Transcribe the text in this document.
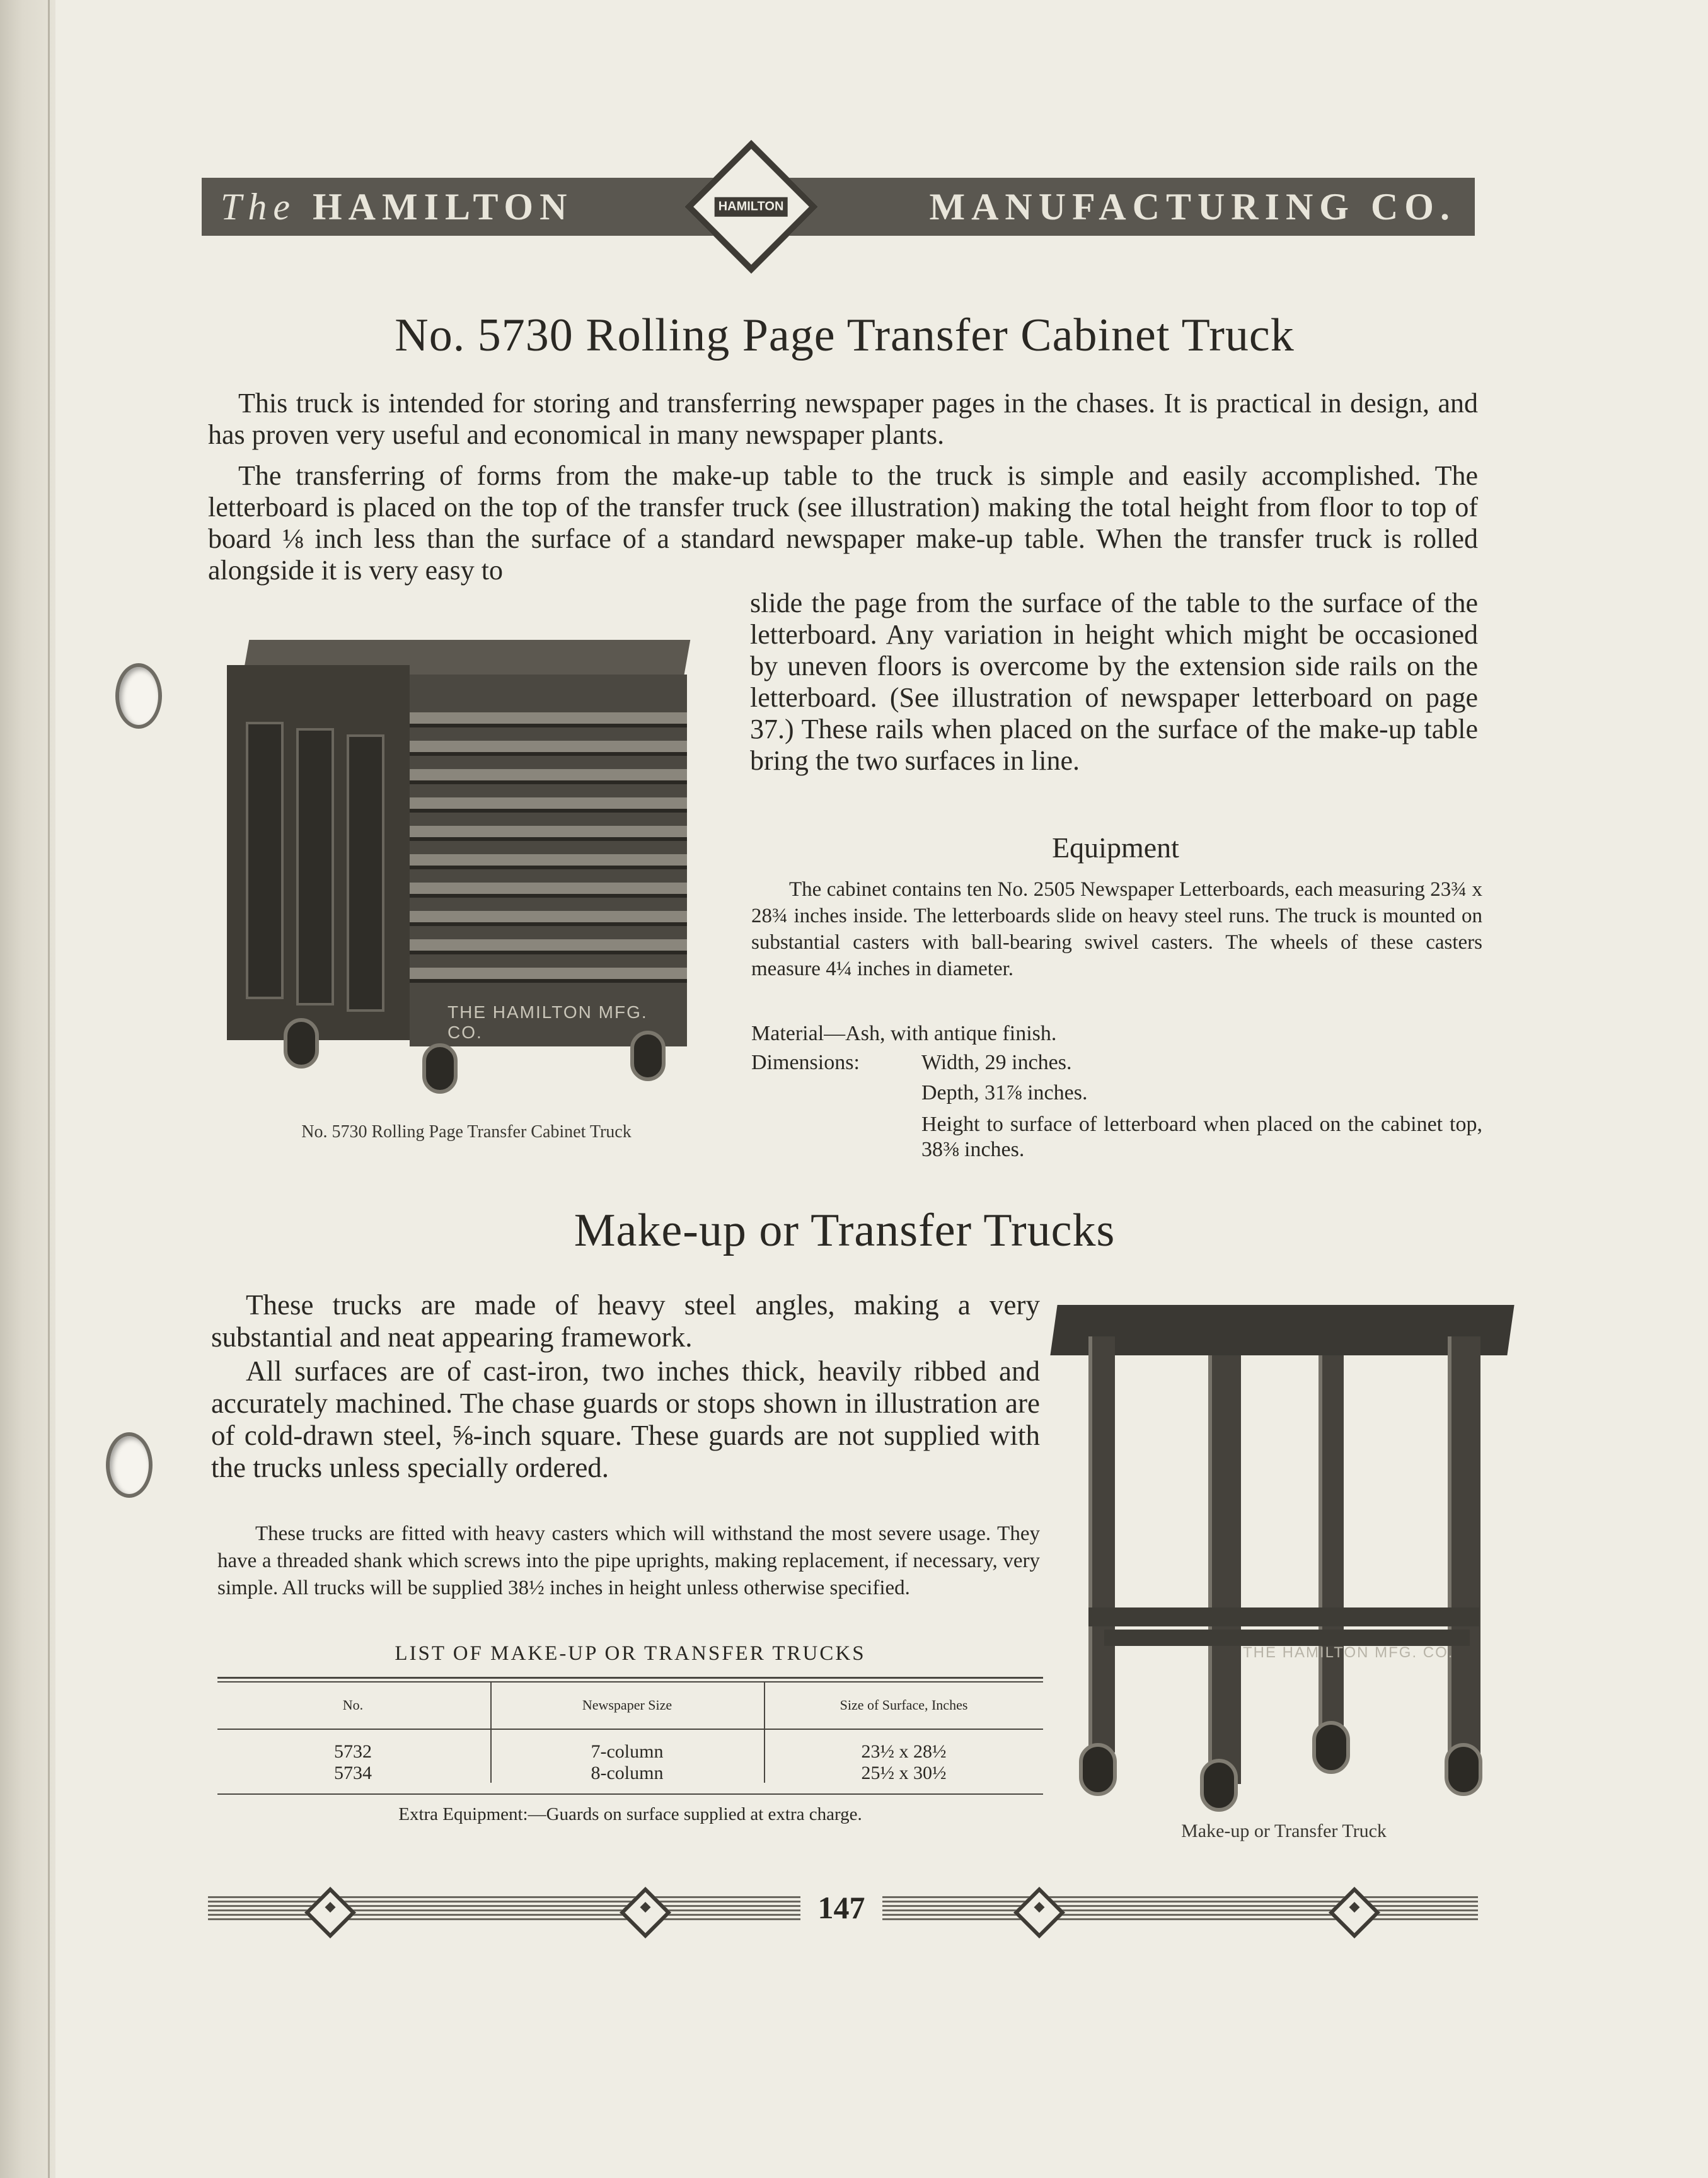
The HAMILTON	HAMILTON	MANUFACTURING CO.
No. 5730 Rolling Page Transfer Cabinet Truck
This truck is intended for storing and transferring newspaper pages in the chases. It is practical in design, and has proven very useful and economical in many newspaper plants.
The transferring of forms from the make-up table to the truck is simple and easily accomplished. The letterboard is placed on the top of the transfer truck (see illustration) making the total height from floor to top of board ⅛ inch less than the surface of a standard newspaper make-up table. When the transfer truck is rolled alongside it is very easy to
slide the page from the surface of the table to the surface of the letterboard. Any variation in height which might be occasioned by uneven floors is overcome by the extension side rails on the letterboard. (See illustration of newspaper letterboard on page 37.) These rails when placed on the surface of the make-up table bring the two surfaces in line.
THE HAMILTON MFG. CO.
No. 5730 Rolling Page Transfer Cabinet Truck
Equipment
The cabinet contains ten No. 2505 Newspaper Letterboards, each measuring 23¾ x 28¾ inches inside. The letterboards slide on heavy steel runs. The truck is mounted on substantial casters with ball-bearing swivel casters. The wheels of these casters measure 4¼ inches in diameter.
Material—Ash, with antique finish.
Dimensions:	Width, 29 inches.
Depth, 31⅞ inches.
Height to surface of letterboard when placed on the cabinet top, 38⅜ inches.
Make-up or Transfer Trucks
These trucks are made of heavy steel angles, making a very substantial and neat appearing framework.
All surfaces are of cast-iron, two inches thick, heavily ribbed and accurately machined. The chase guards or stops shown in illustration are of cold-drawn steel, ⅝-inch square. These guards are not supplied with the trucks unless specially ordered.
These trucks are fitted with heavy casters which will withstand the most severe usage. They have a threaded shank which screws into the pipe uprights, making replacement, if necessary, very simple. All trucks will be supplied 38½ inches in height unless otherwise specified.
LIST OF MAKE-UP OR TRANSFER TRUCKS
No.	Newspaper Size	Size of Surface, Inches
5732	7-column	23½ x 28½
5734	8-column	25½ x 30½
Extra Equipment:—Guards on surface supplied at extra charge.
THE HAMILTON MFG. CO.
Make-up or Transfer Truck
147
